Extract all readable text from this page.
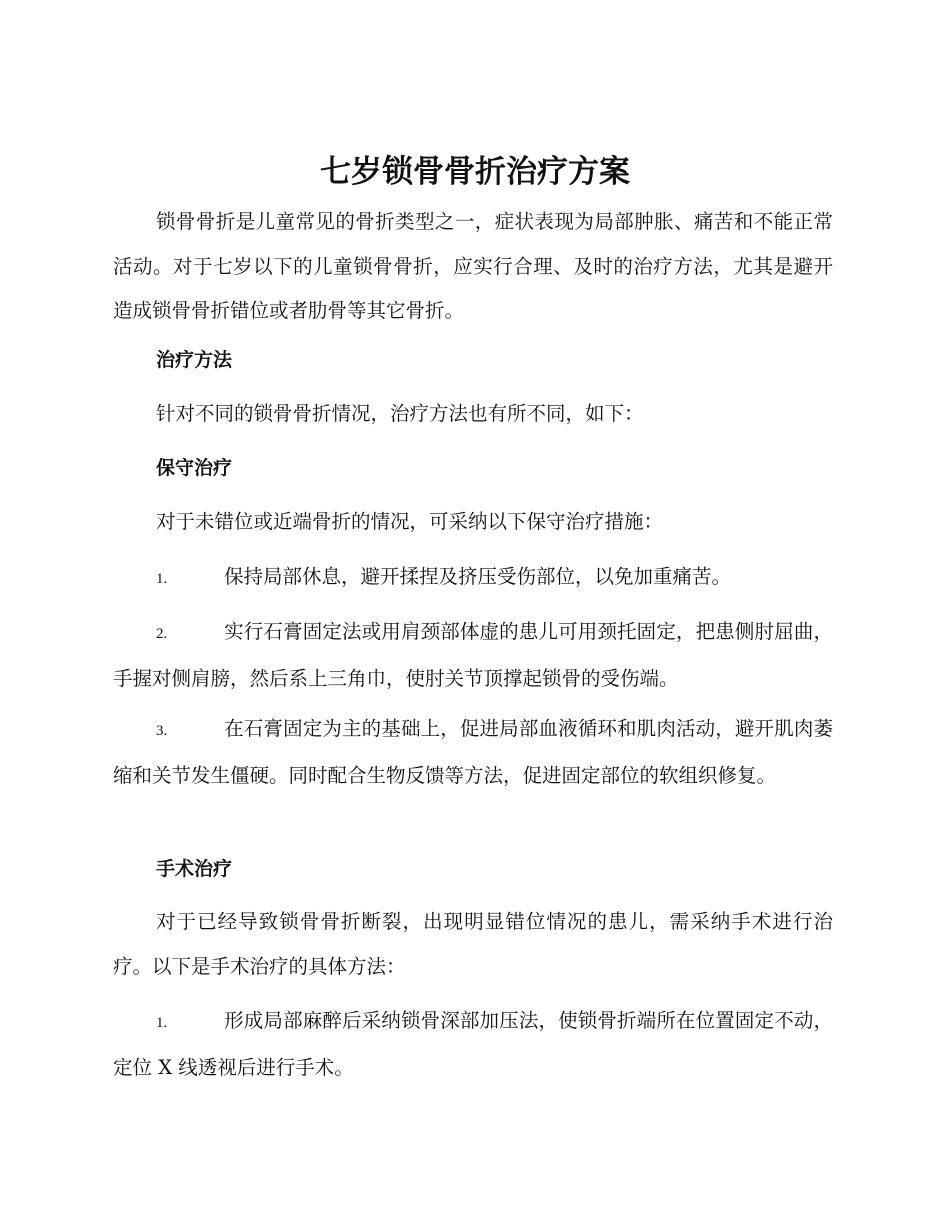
七岁锁骨骨折治疗方案

锁骨骨折是儿童常见的骨折类型之一，症状表现为局部肿胀、痛苦和不能正常活动。对于七岁以下的儿童锁骨骨折，应实行合理、及时的治疗方法，尤其是避开造成锁骨骨折错位或者肋骨等其它骨折。

治疗方法

针对不同的锁骨骨折情况，治疗方法也有所不同，如下：

保守治疗

对于未错位或近端骨折的情况，可采纳以下保守治疗措施：

1.	保持局部休息，避开揉捏及挤压受伤部位，以免加重痛苦。

2.	实行石膏固定法或用肩颈部体虚的患儿可用颈托固定，把患侧肘屈曲，手握对侧肩膀，然后系上三角巾，使肘关节顶撑起锁骨的受伤端。

3.	在石膏固定为主的基础上，促进局部血液循环和肌肉活动，避开肌肉萎缩和关节发生僵硬。同时配合生物反馈等方法，促进固定部位的软组织修复。

手术治疗

对于已经导致锁骨骨折断裂，出现明显错位情况的患儿，需采纳手术进行治疗。以下是手术治疗的具体方法：

1.	形成局部麻醉后采纳锁骨深部加压法，使锁骨折端所在位置固定不动，定位 X 线透视后进行手术。
